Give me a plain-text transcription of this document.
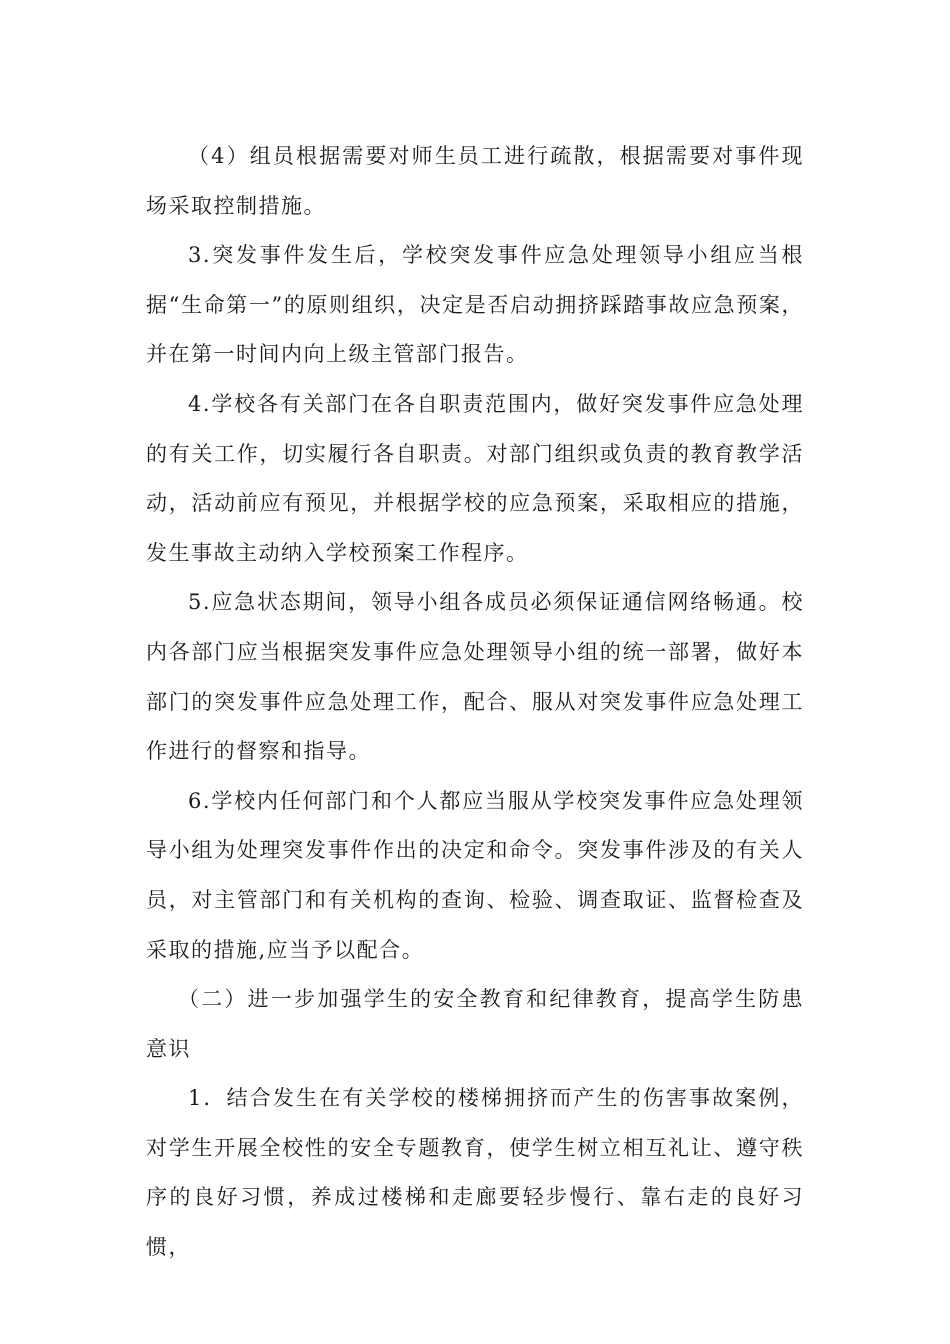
（4）组员根据需要对师生员工进行疏散，根据需要对事件现场采取控制措施。

3.突发事件发生后，学校突发事件应急处理领导小组应当根据“生命第一”的原则组织，决定是否启动拥挤踩踏事故应急预案，并在第一时间内向上级主管部门报告。

4.学校各有关部门在各自职责范围内，做好突发事件应急处理的有关工作，切实履行各自职责。对部门组织或负责的教育教学活动，活动前应有预见，并根据学校的应急预案，采取相应的措施，发生事故主动纳入学校预案工作程序。

5.应急状态期间，领导小组各成员必须保证通信网络畅通。校内各部门应当根据突发事件应急处理领导小组的统一部署，做好本部门的突发事件应急处理工作，配合、服从对突发事件应急处理工作进行的督察和指导。

6.学校内任何部门和个人都应当服从学校突发事件应急处理领导小组为处理突发事件作出的决定和命令。突发事件涉及的有关人员，对主管部门和有关机构的查询、检验、调查取证、监督检查及采取的措施,应当予以配合。

（二）进一步加强学生的安全教育和纪律教育，提高学生防患意识

1．结合发生在有关学校的楼梯拥挤而产生的伤害事故案例，对学生开展全校性的安全专题教育，使学生树立相互礼让、遵守秩序的良好习惯，养成过楼梯和走廊要轻步慢行、靠右走的良好习惯，
